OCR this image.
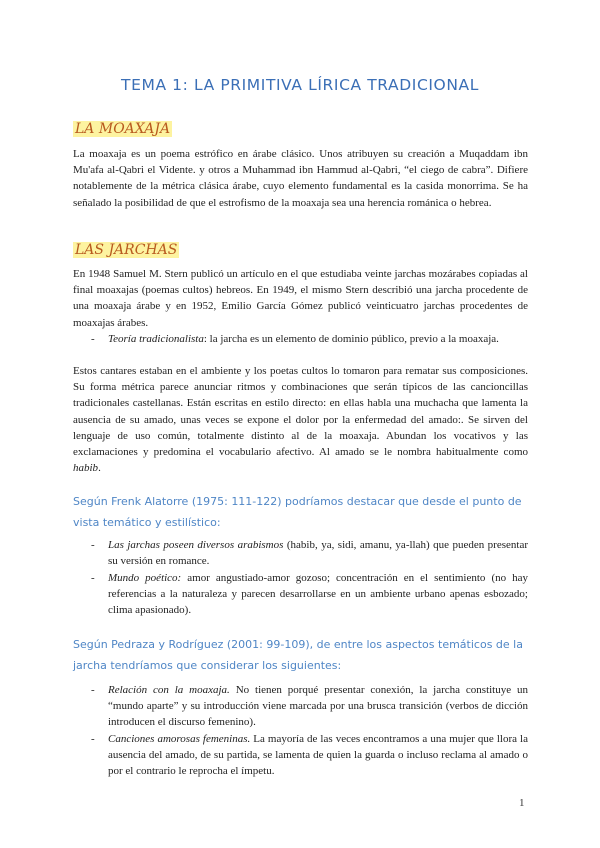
TEMA 1: LA PRIMITIVA LÍRICA TRADICIONAL
LA MOAXAJA

La moaxaja es un poema estrófico en árabe clásico. Unos atribuyen su creación a Muqaddam ibn Mu'afa al-Qabri el Vidente. y otros a Muhammad ibn Hammud al-Qabri, “el ciego de cabra”. Difiere notablemente de la métrica clásica árabe, cuyo elemento fundamental es la casida monorrima. Se ha señalado la posibilidad de que el estrofismo de la moaxaja sea una herencia románica o hebrea.

LAS JARCHAS

En 1948 Samuel M. Stern publicó un artículo en el que estudiaba veinte jarchas mozárabes copiadas al final moaxajas (poemas cultos) hebreos. En 1949, el mismo Stern describió una jarcha procedente de una moaxaja árabe y en 1952, Emilio García Gómez publicó veinticuatro jarchas procedentes de moaxajas árabes.

- Teoría tradicionalista: la jarcha es un elemento de dominio público, previo a la moaxaja.

Estos cantares estaban en el ambiente y los poetas cultos lo tomaron para rematar sus composiciones. Su forma métrica parece anunciar ritmos y combinaciones que serán típicos de las cancioncillas tradicionales castellanas. Están escritas en estilo directo: en ellas habla una muchacha que lamenta la ausencia de su amado, unas veces se expone el dolor por la enfermedad del amado:. Se sirven del lenguaje de uso común, totalmente distinto al de la moaxaja. Abundan los vocativos y las exclamaciones y predomina el vocabulario afectivo. Al amado se le nombra habitualmente como habib.

Según Frenk Alatorre (1975: 111-122) podríamos destacar que desde el punto de vista temático y estilístico:
- Las jarchas poseen diversos arabismos (habib, ya, sidi, amanu, ya-llah) que pueden presentar su versión en romance.
- Mundo poético: amor angustiado-amor gozoso; concentración en el sentimiento (no hay referencias a la naturaleza y parecen desarrollarse en un ambiente urbano apenas esbozado; clima apasionado).
Según Pedraza y Rodríguez (2001: 99-109), de entre los aspectos temáticos de la jarcha tendríamos que considerar los siguientes:
- Relación con la moaxaja. No tienen porqué presentar conexión, la jarcha constituye un “mundo aparte” y su introducción viene marcada por una brusca transición (verbos de dicción introducen el discurso femenino).
- Canciones amorosas femeninas. La mayoría de las veces encontramos a una mujer que llora la ausencia del amado, de su partida, se lamenta de quien la guarda o incluso reclama al amado o por el contrario le reprocha el ímpetu.
1
